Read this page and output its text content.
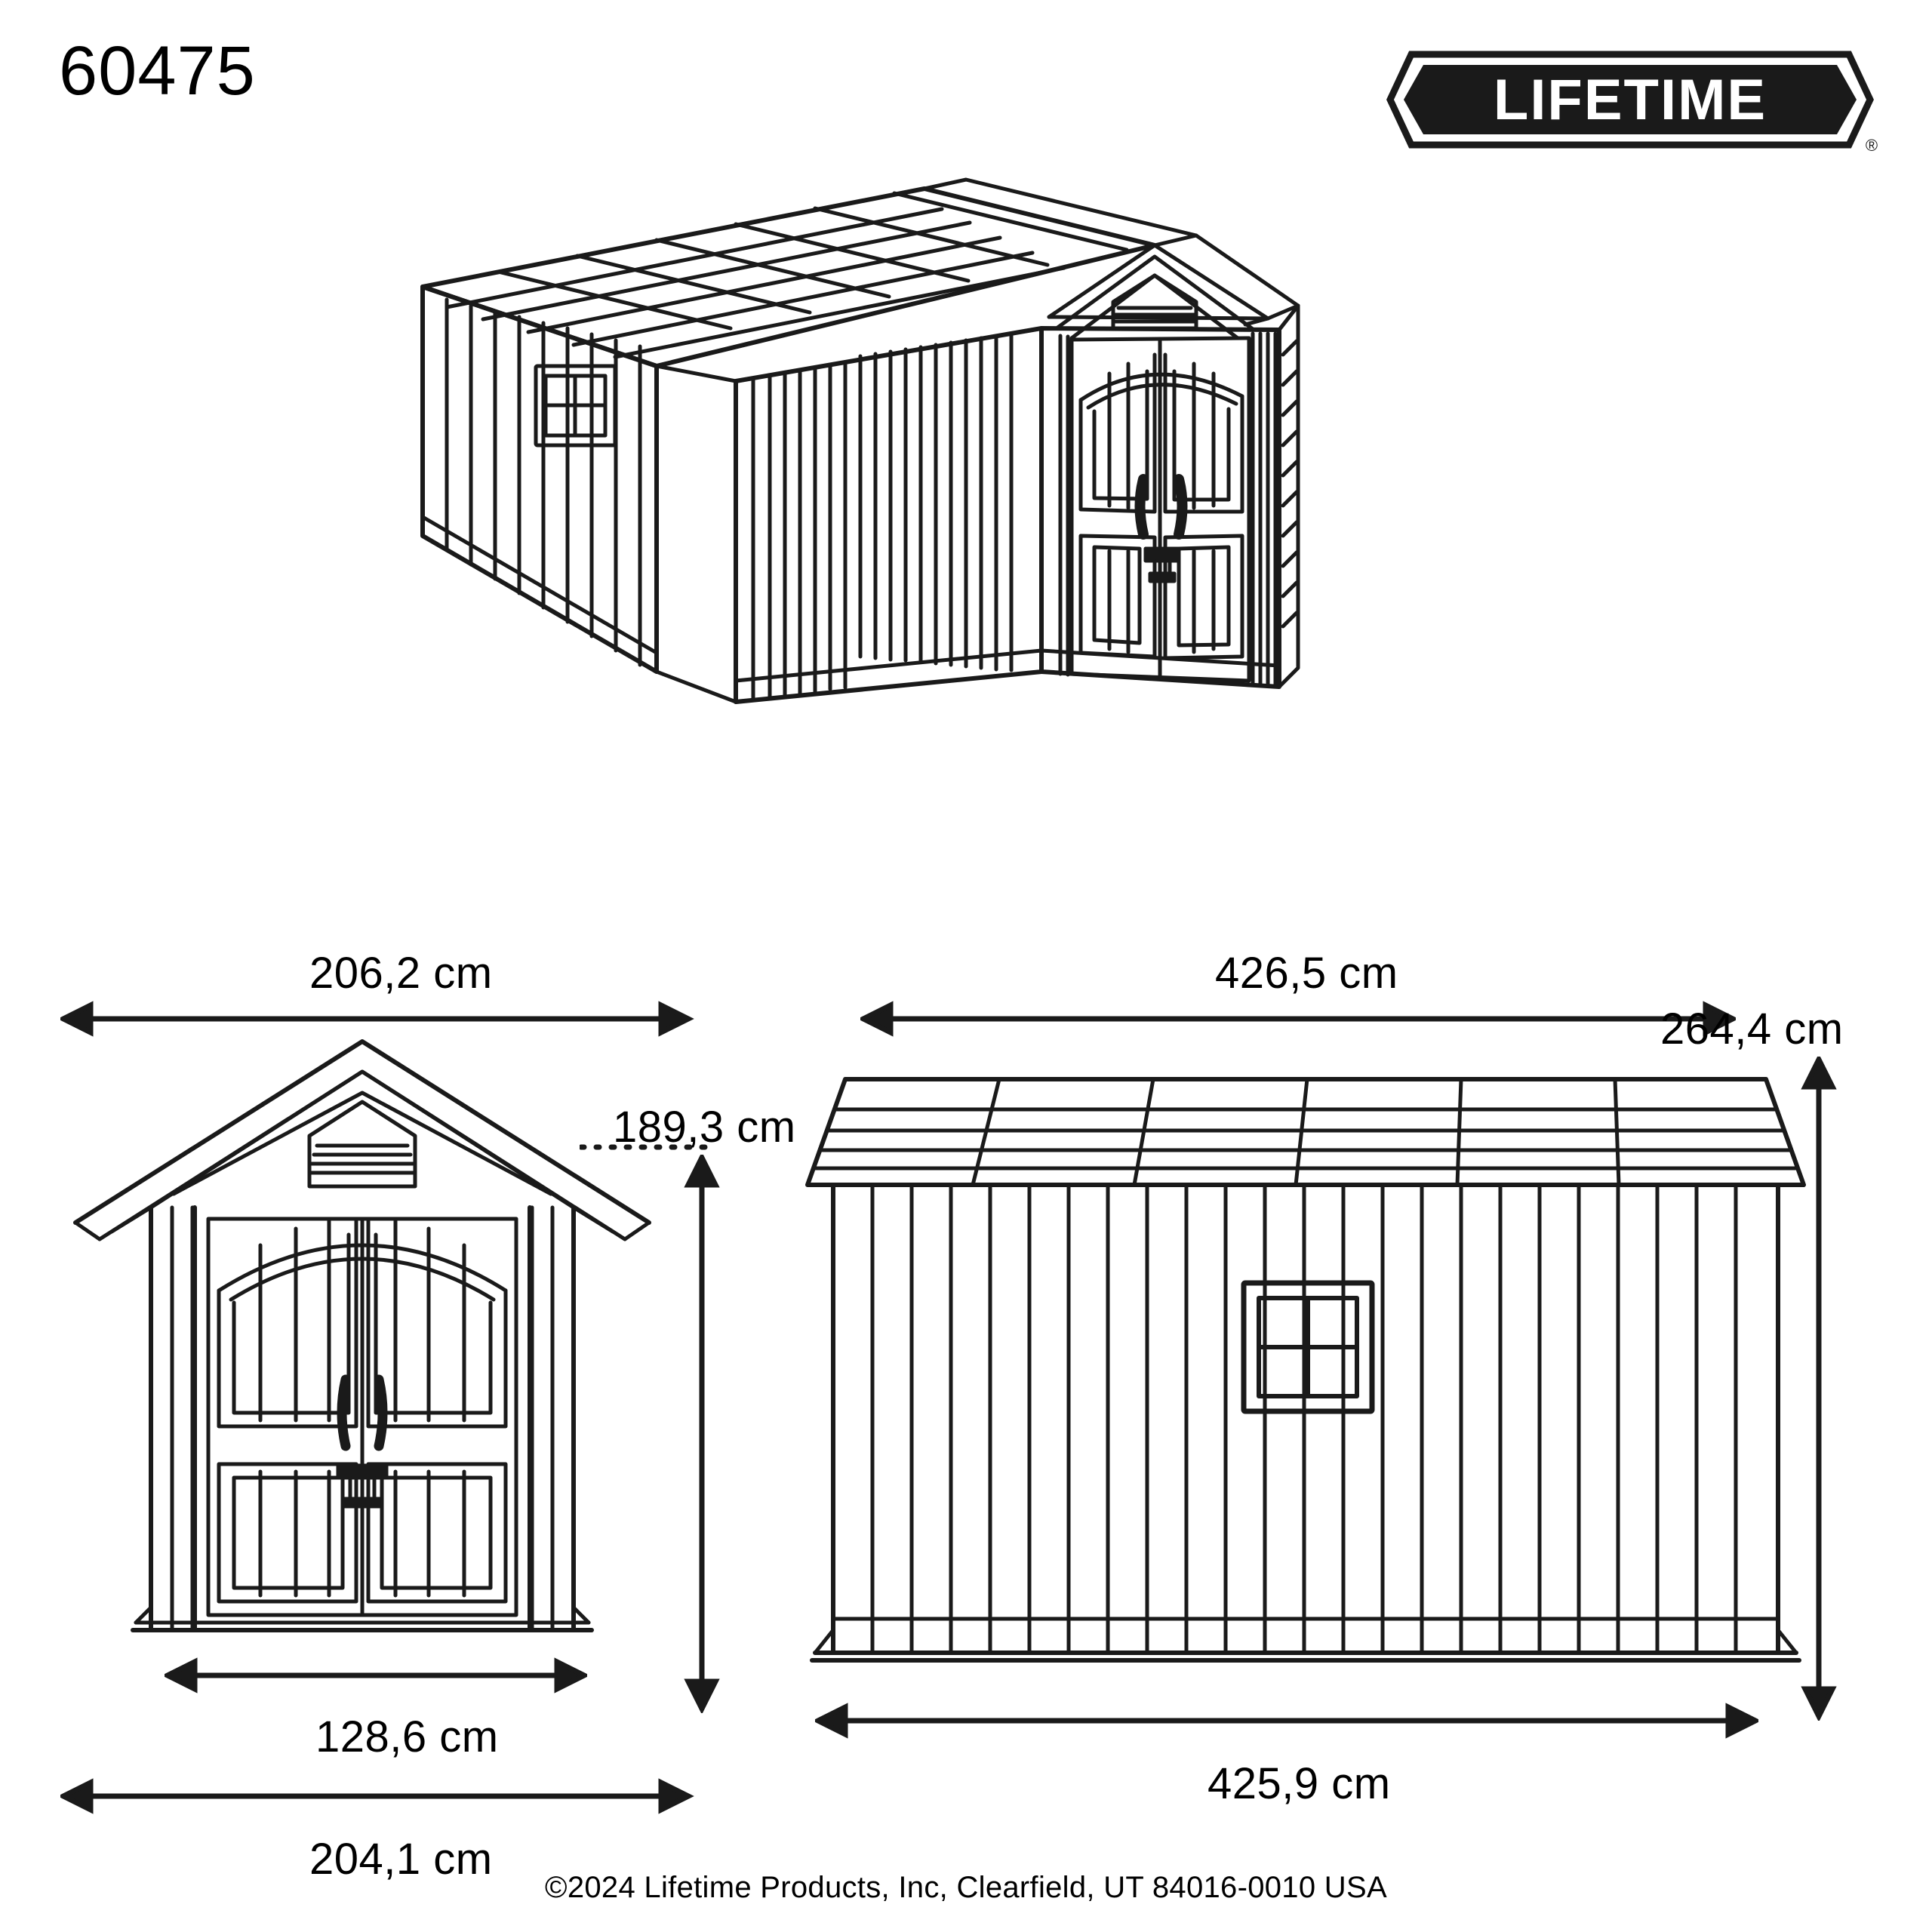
60475	LIFETIME
®
206,2 cm
189,3 cm
128,6 cm
204,1 cm
426,5 cm
264,4 cm
425,9 cm
©2024 Lifetime Products, Inc, Clearfield, UT 84016-0010 USA
